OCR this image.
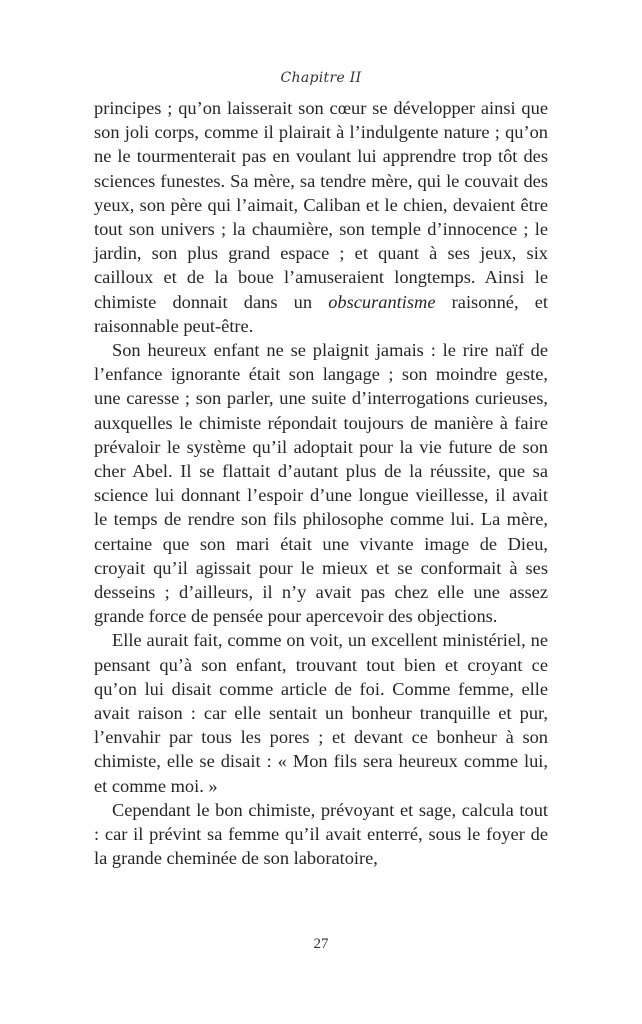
Chapitre II

principes ; qu’on laisserait son cœur se développer ainsi que son joli corps, comme il plairait à l’indulgente nature ; qu’on ne le tourmenterait pas en voulant lui apprendre trop tôt des sciences funestes. Sa mère, sa tendre mère, qui le couvait des yeux, son père qui l’aimait, Caliban et le chien, devaient être tout son univers ; la chaumière, son temple d’innocence ; le jardin, son plus grand espace ; et quant à ses jeux, six cailloux et de la boue l’amuseraient longtemps. Ainsi le chimiste donnait dans un obscurantisme raisonné, et raisonnable peut-être.

Son heureux enfant ne se plaignit jamais : le rire naïf de l’enfance ignorante était son langage ; son moindre geste, une caresse ; son parler, une suite d’interrogations curieuses, auxquelles le chimiste répondait toujours de manière à faire prévaloir le système qu’il adoptait pour la vie future de son cher Abel. Il se flattait d’autant plus de la réussite, que sa science lui donnant l’espoir d’une longue vieillesse, il avait le temps de rendre son fils philosophe comme lui. La mère, certaine que son mari était une vivante image de Dieu, croyait qu’il agissait pour le mieux et se conformait à ses desseins ; d’ailleurs, il n’y avait pas chez elle une assez grande force de pensée pour apercevoir des objections.

Elle aurait fait, comme on voit, un excellent ministériel, ne pensant qu’à son enfant, trouvant tout bien et croyant ce qu’on lui disait comme article de foi. Comme femme, elle avait raison : car elle sentait un bonheur tranquille et pur, l’envahir par tous les pores ; et devant ce bonheur à son chimiste, elle se disait : « Mon fils sera heureux comme lui, et comme moi. »

Cependant le bon chimiste, prévoyant et sage, calcula tout : car il prévint sa femme qu’il avait enterré, sous le foyer de la grande cheminée de son laboratoire,

27
